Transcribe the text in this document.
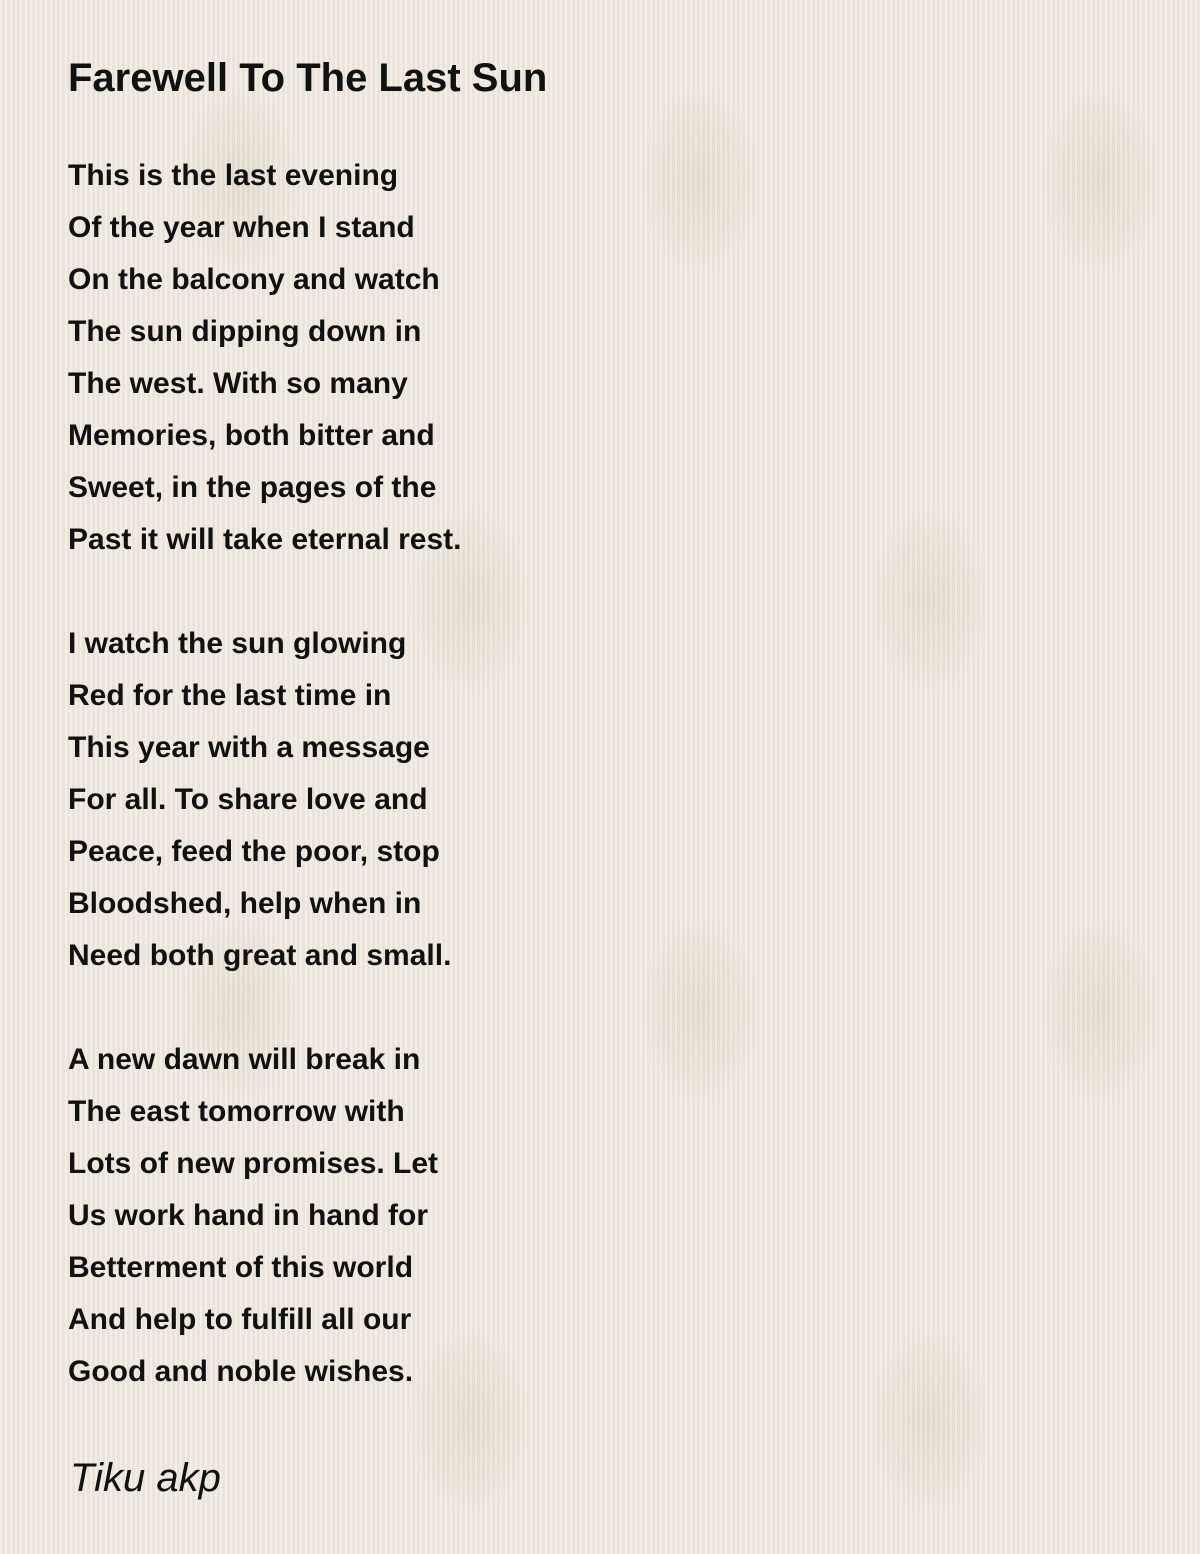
Farewell To The Last Sun
This is the last evening
Of the year when I stand
On the balcony and watch
The sun dipping down in
The west. With so many
Memories, both bitter and
Sweet, in the pages of the
Past it will take eternal rest.
I watch the sun glowing
Red for the last time in
This year with a message
For all. To share love and
Peace, feed the poor, stop
Bloodshed, help when in
Need both great and small.
A new dawn will break in
The east tomorrow with
Lots of new promises. Let
Us work hand in hand for
Betterment of this world
And help to fulfill all our
Good and noble wishes.
Tiku akp
